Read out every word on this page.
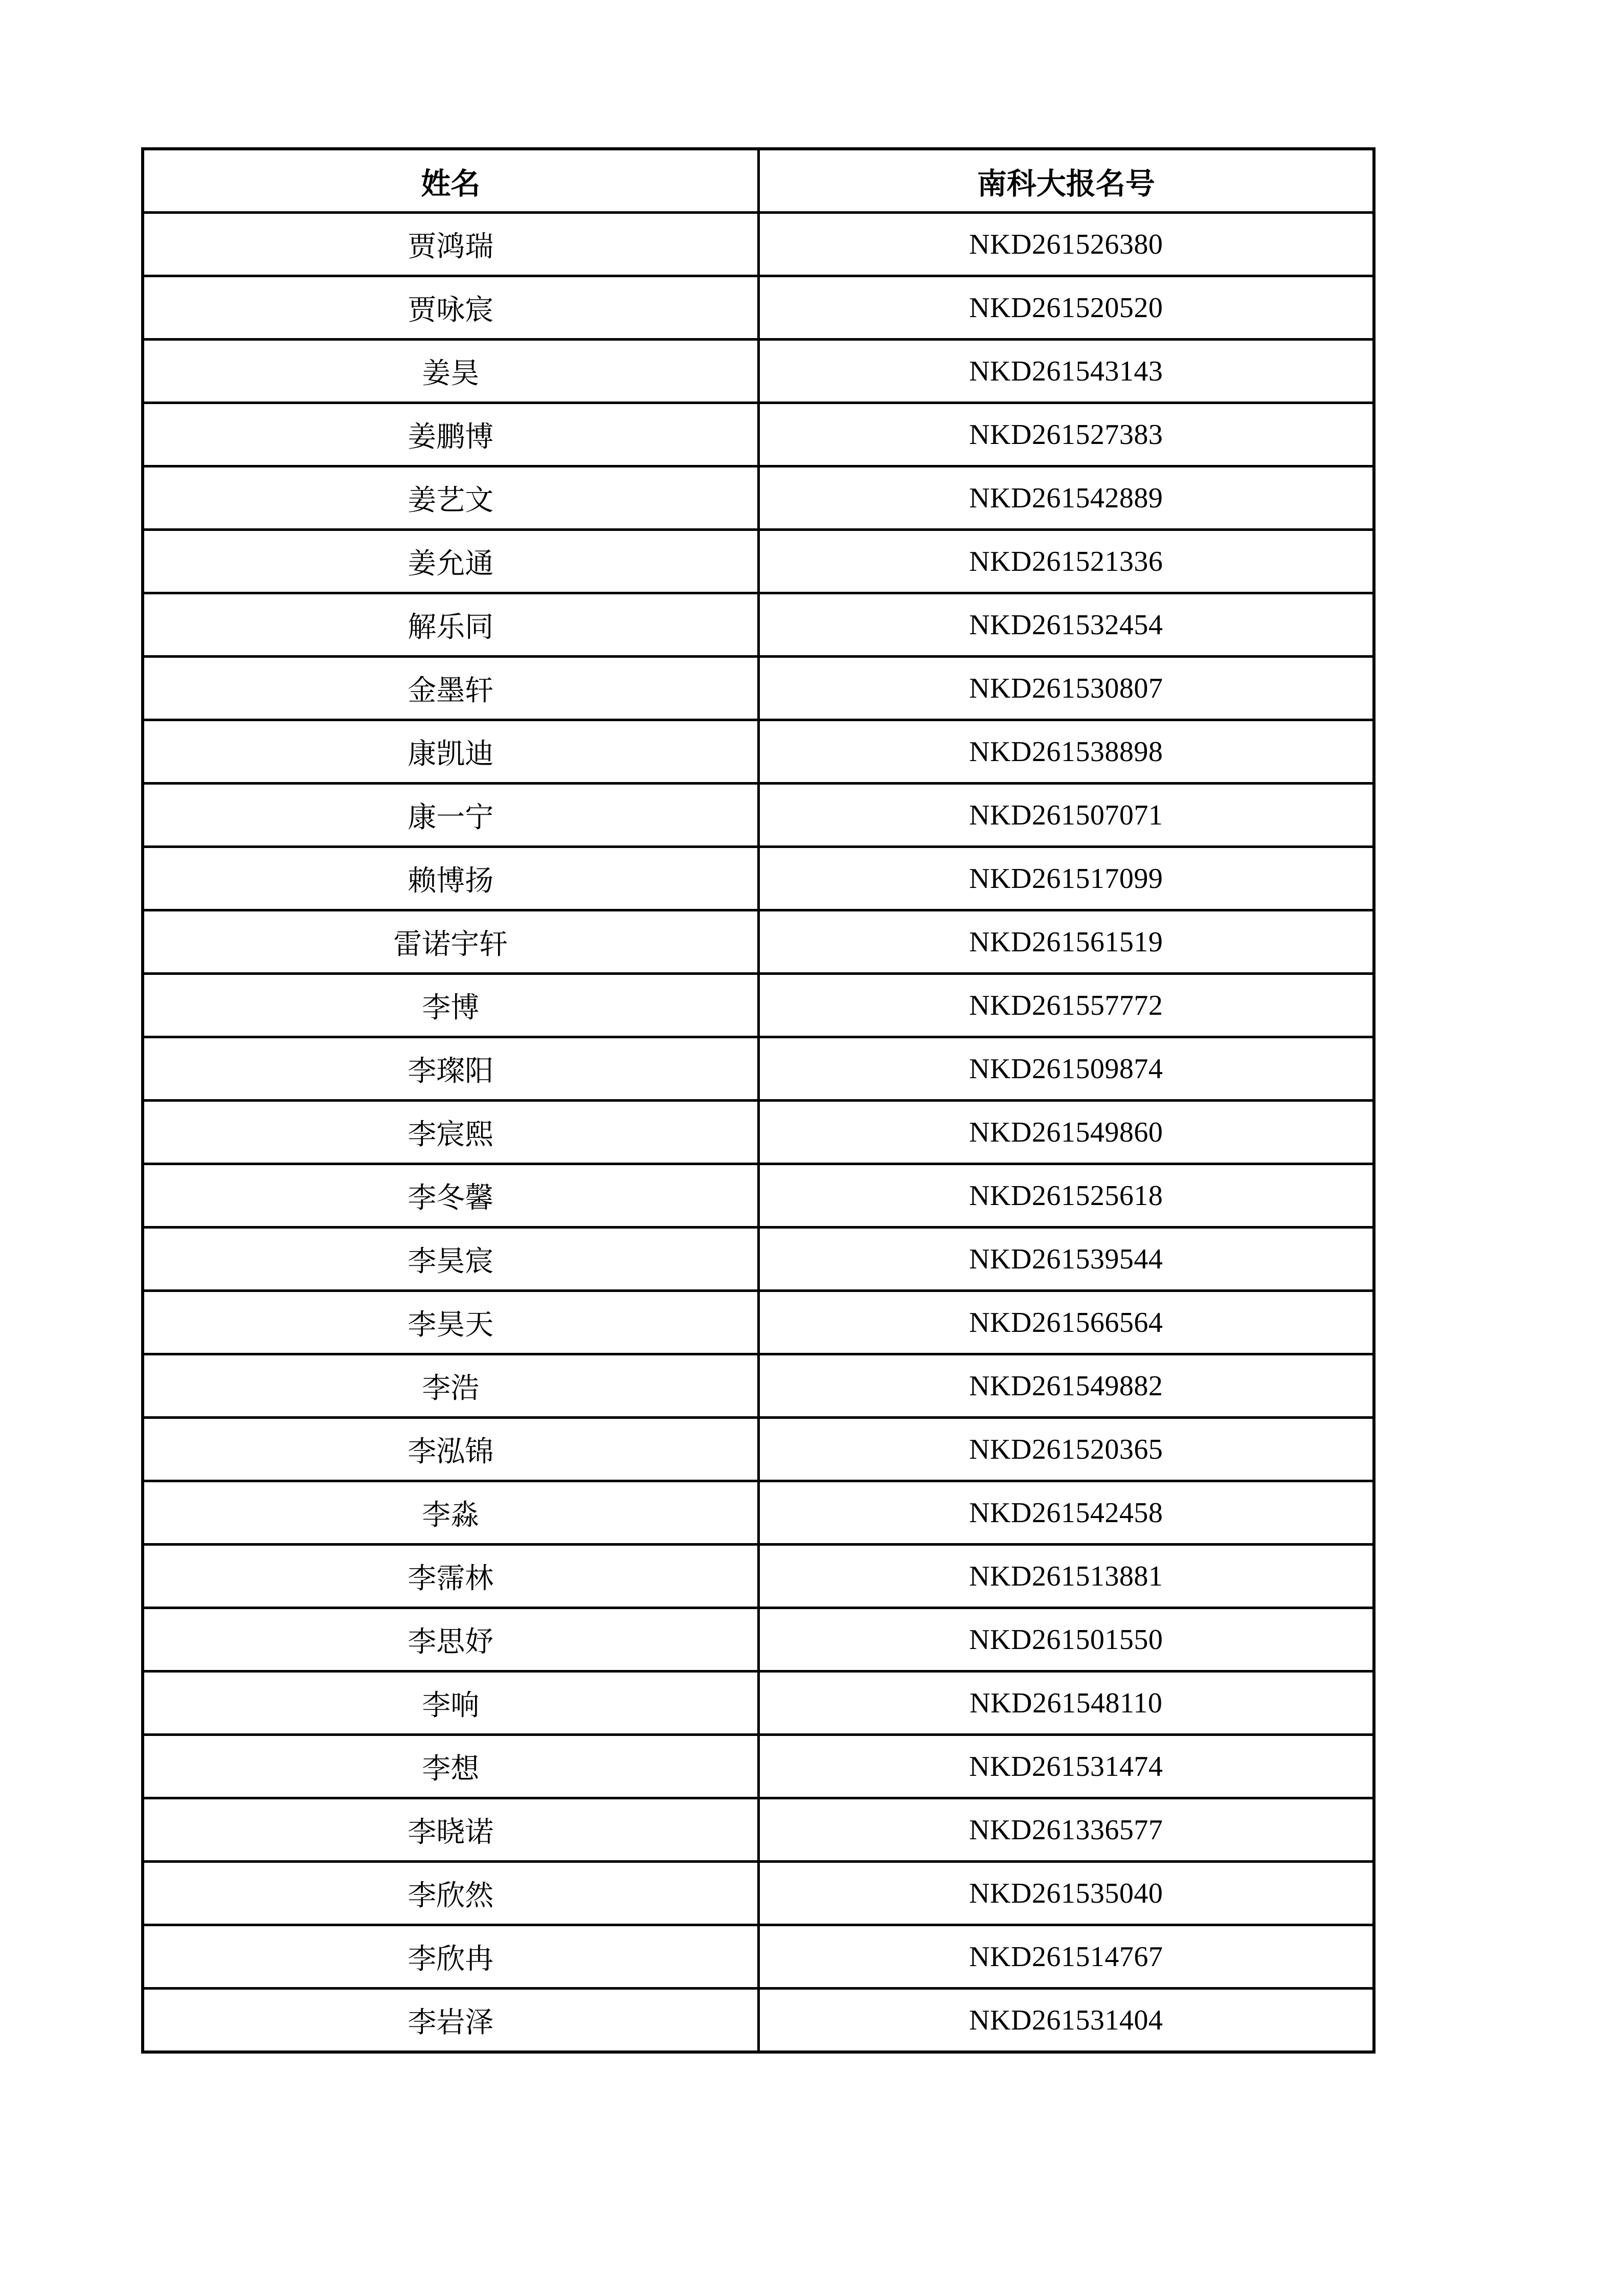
姓名	南科大报名号
贾鸿瑞	NKD261526380
贾咏宸	NKD261520520
姜昊	NKD261543143
姜鹏博	NKD261527383
姜艺文	NKD261542889
姜允通	NKD261521336
解乐同	NKD261532454
金墨轩	NKD261530807
康凯迪	NKD261538898
康一宁	NKD261507071
赖博扬	NKD261517099
雷诺宇轩	NKD261561519
李博	NKD261557772
李璨阳	NKD261509874
李宸熙	NKD261549860
李冬馨	NKD261525618
李昊宸	NKD261539544
李昊天	NKD261566564
李浩	NKD261549882
李泓锦	NKD261520365
李淼	NKD261542458
李霈林	NKD261513881
李思妤	NKD261501550
李响	NKD261548110
李想	NKD261531474
李晓诺	NKD261336577
李欣然	NKD261535040
李欣冉	NKD261514767
李岩泽	NKD261531404
